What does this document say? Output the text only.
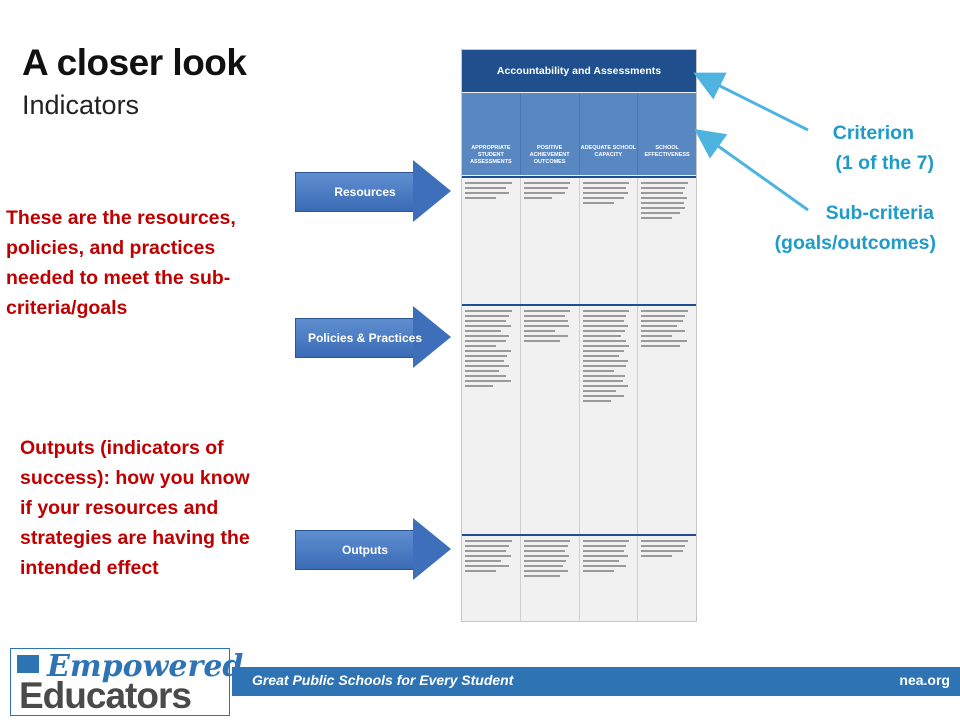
A closer look
Indicators
These are the resources, policies, and practices needed to meet the sub-criteria/goals
Outputs (indicators of success): how you know if your resources and strategies are having the intended effect
Resources
Policies & Practices
Outputs
Accountability and Assessments
APPROPRIATE STUDENT ASSESSMENTS
POSITIVE ACHIEVEMENT OUTCOMES
ADEQUATE SCHOOL CAPACITY
SCHOOL EFFECTIVENESS
Criterion
(1 of the 7)
Sub-criteria
(goals/outcomes)
Great Public Schools for Every Student	nea.org
Empowered
Educators
